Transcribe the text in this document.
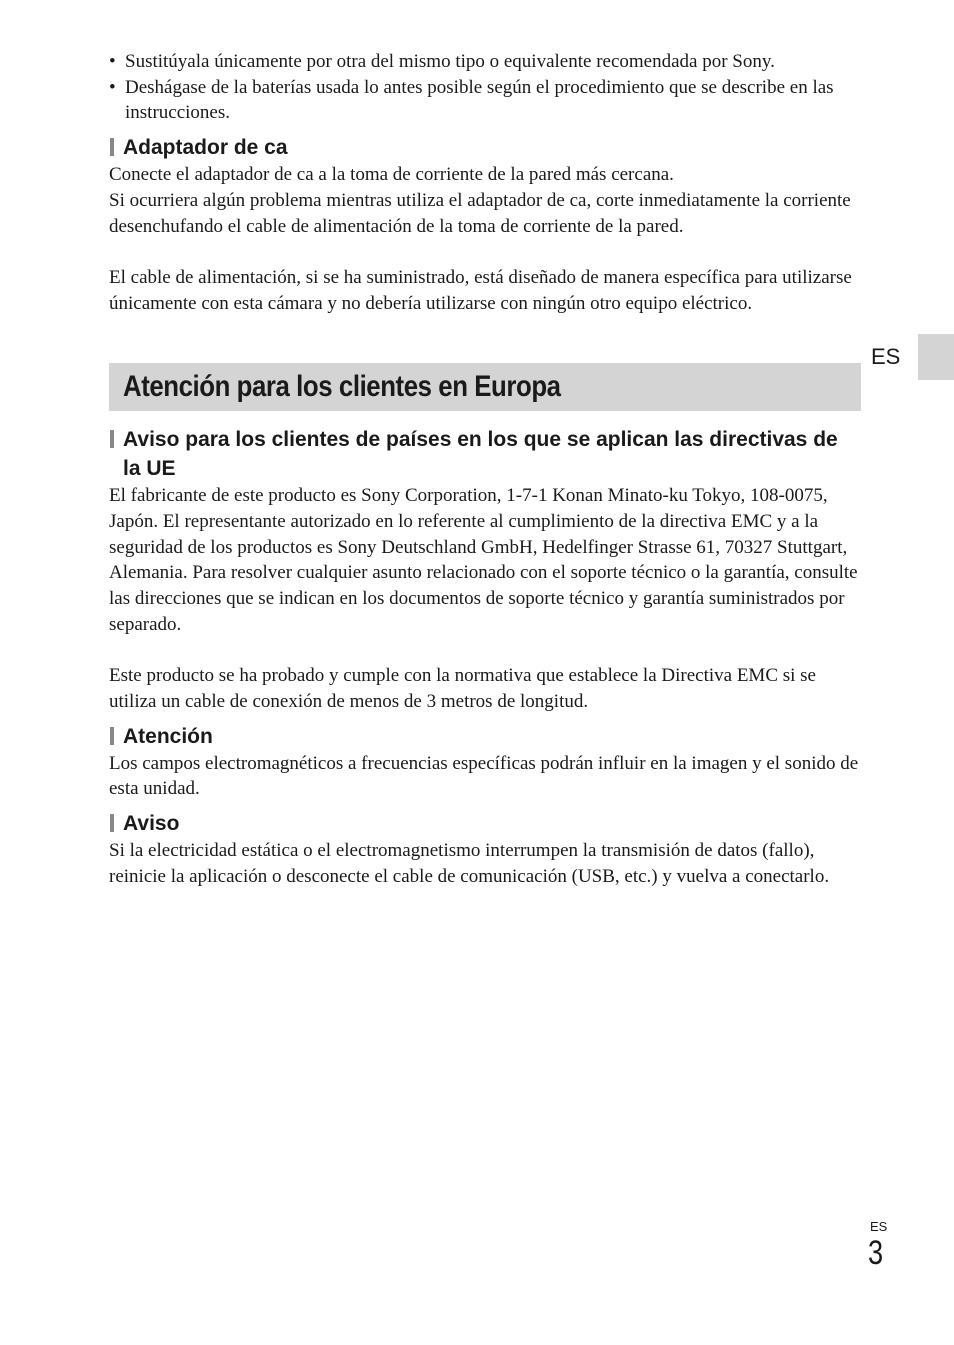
ES
• Sustitúyala únicamente por otra del mismo tipo o equivalente recomendada por Sony.
• Deshágase de la baterías usada lo antes posible según el procedimiento que se describe en las instrucciones.
Adaptador de ca

Conecte el adaptador de ca a la toma de corriente de la pared más cercana.

Si ocurriera algún problema mientras utiliza el adaptador de ca, corte inmediatamente la corriente desenchufando el cable de alimentación de la toma de corriente de la pared.

El cable de alimentación, si se ha suministrado, está diseñado de manera específica para utilizarse únicamente con esta cámara y no debería utilizarse con ningún otro equipo eléctrico.

Atención para los clientes en Europa
Aviso para los clientes de países en los que se aplican las directivas de la UE

El fabricante de este producto es Sony Corporation, 1-7-1 Konan Minato-ku Tokyo, 108-0075, Japón. El representante autorizado en lo referente al cumplimiento de la directiva EMC y a la seguridad de los productos es Sony Deutschland GmbH, Hedelfinger Strasse 61, 70327 Stuttgart, Alemania. Para resolver cualquier asunto relacionado con el soporte técnico o la garantía, consulte las direcciones que se indican en los documentos de soporte técnico y garantía suministrados por separado.

Este producto se ha probado y cumple con la normativa que establece la Directiva EMC si se utiliza un cable de conexión de menos de 3 metros de longitud.

Atención

Los campos electromagnéticos a frecuencias específicas podrán influir en la imagen y el sonido de esta unidad.

Aviso

Si la electricidad estática o el electromagnetismo interrumpen la transmisión de datos (fallo), reinicie la aplicación o desconecte el cable de comunicación (USB, etc.) y vuelva a conectarlo.

ES
3
